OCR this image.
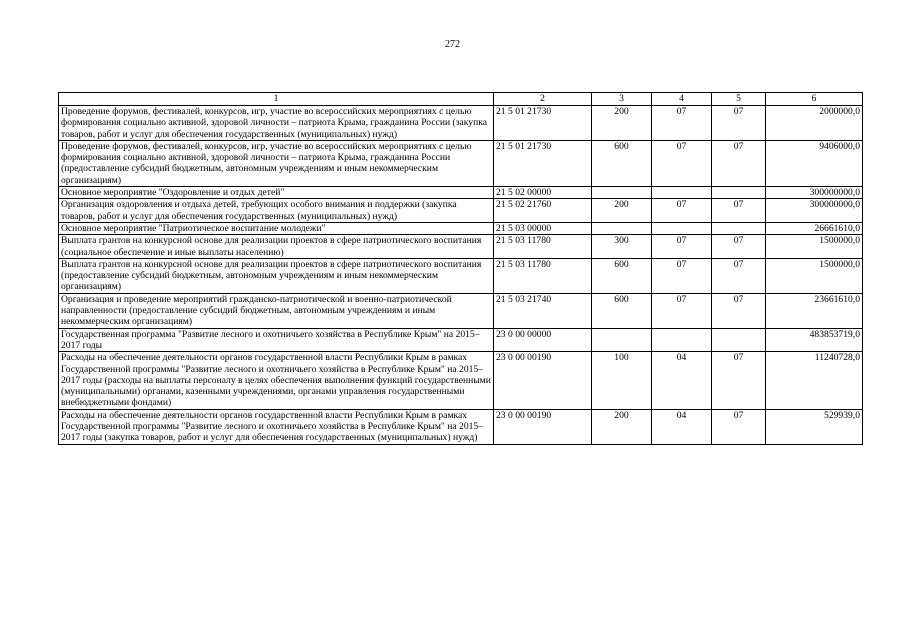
272
1	2	3	4	5	6
Проведение форумов, фестивалей, конкурсов, игр, участие во всероссийских мероприятиях с целью формирования социально активной, здоровой личности – патриота Крыма, гражданина России (закупка товаров, работ и услуг для обеспечения государственных (муниципальных) нужд)	21 5 01 21730	200	07	07	2000000,0
Проведение форумов, фестивалей, конкурсов, игр, участие во всероссийских мероприятиях с целью формирования социально активной, здоровой личности – патриота Крыма, гражданина России (предоставление субсидий бюджетным, автономным учреждениям и иным некоммерческим организациям)	21 5 01 21730	600	07	07	9406000,0
Основное мероприятие "Оздоровление и отдых детей"	21 5 02 00000				300000000,0
Организация оздоровления и отдыха детей, требующих особого внимания и поддержки (закупка товаров, работ и услуг для обеспечения государственных (муниципальных) нужд)	21 5 02 21760	200	07	07	300000000,0
Основное мероприятие "Патриотическое воспитание молодежи"	21 5 03 00000				26661610,0
Выплата грантов на конкурсной основе для реализации проектов в сфере патриотического воспитания (социальное обеспечение и иные выплаты населению)	21 5 03 11780	300	07	07	1500000,0
Выплата грантов на конкурсной основе для реализации проектов в сфере патриотического воспитания (предоставление субсидий бюджетным, автономным учреждениям и иным некоммерческим организациям)	21 5 03 11780	600	07	07	1500000,0
Организация и проведение мероприятий гражданско-патриотической и военно-патриотической направленности (предоставление субсидий бюджетным, автономным учреждениям и иным некоммерческим организациям)	21 5 03 21740	600	07	07	23661610,0
Государственная программа "Развитие лесного и охотничьего хозяйства в Республике Крым" на 2015–2017 годы	23 0 00 00000				483853719,0
Расходы на обеспечение деятельности органов государственной власти Республики Крым в рамках Государственной программы "Развитие лесного и охотничьего хозяйства в Республике Крым" на 2015–2017 годы (расходы на выплаты персоналу в целях обеспечения выполнения функций государственными (муниципальными) органами, казенными учреждениями, органами управления государственными внебюджетными фондами)	23 0 00 00190	100	04	07	11240728,0
Расходы на обеспечение деятельности органов государственной власти Республики Крым в рамках Государственной программы "Развитие лесного и охотничьего хозяйства в Республике Крым" на 2015–2017 годы (закупка товаров, работ и услуг для обеспечения государственных (муниципальных) нужд)	23 0 00 00190	200	04	07	529939,0
